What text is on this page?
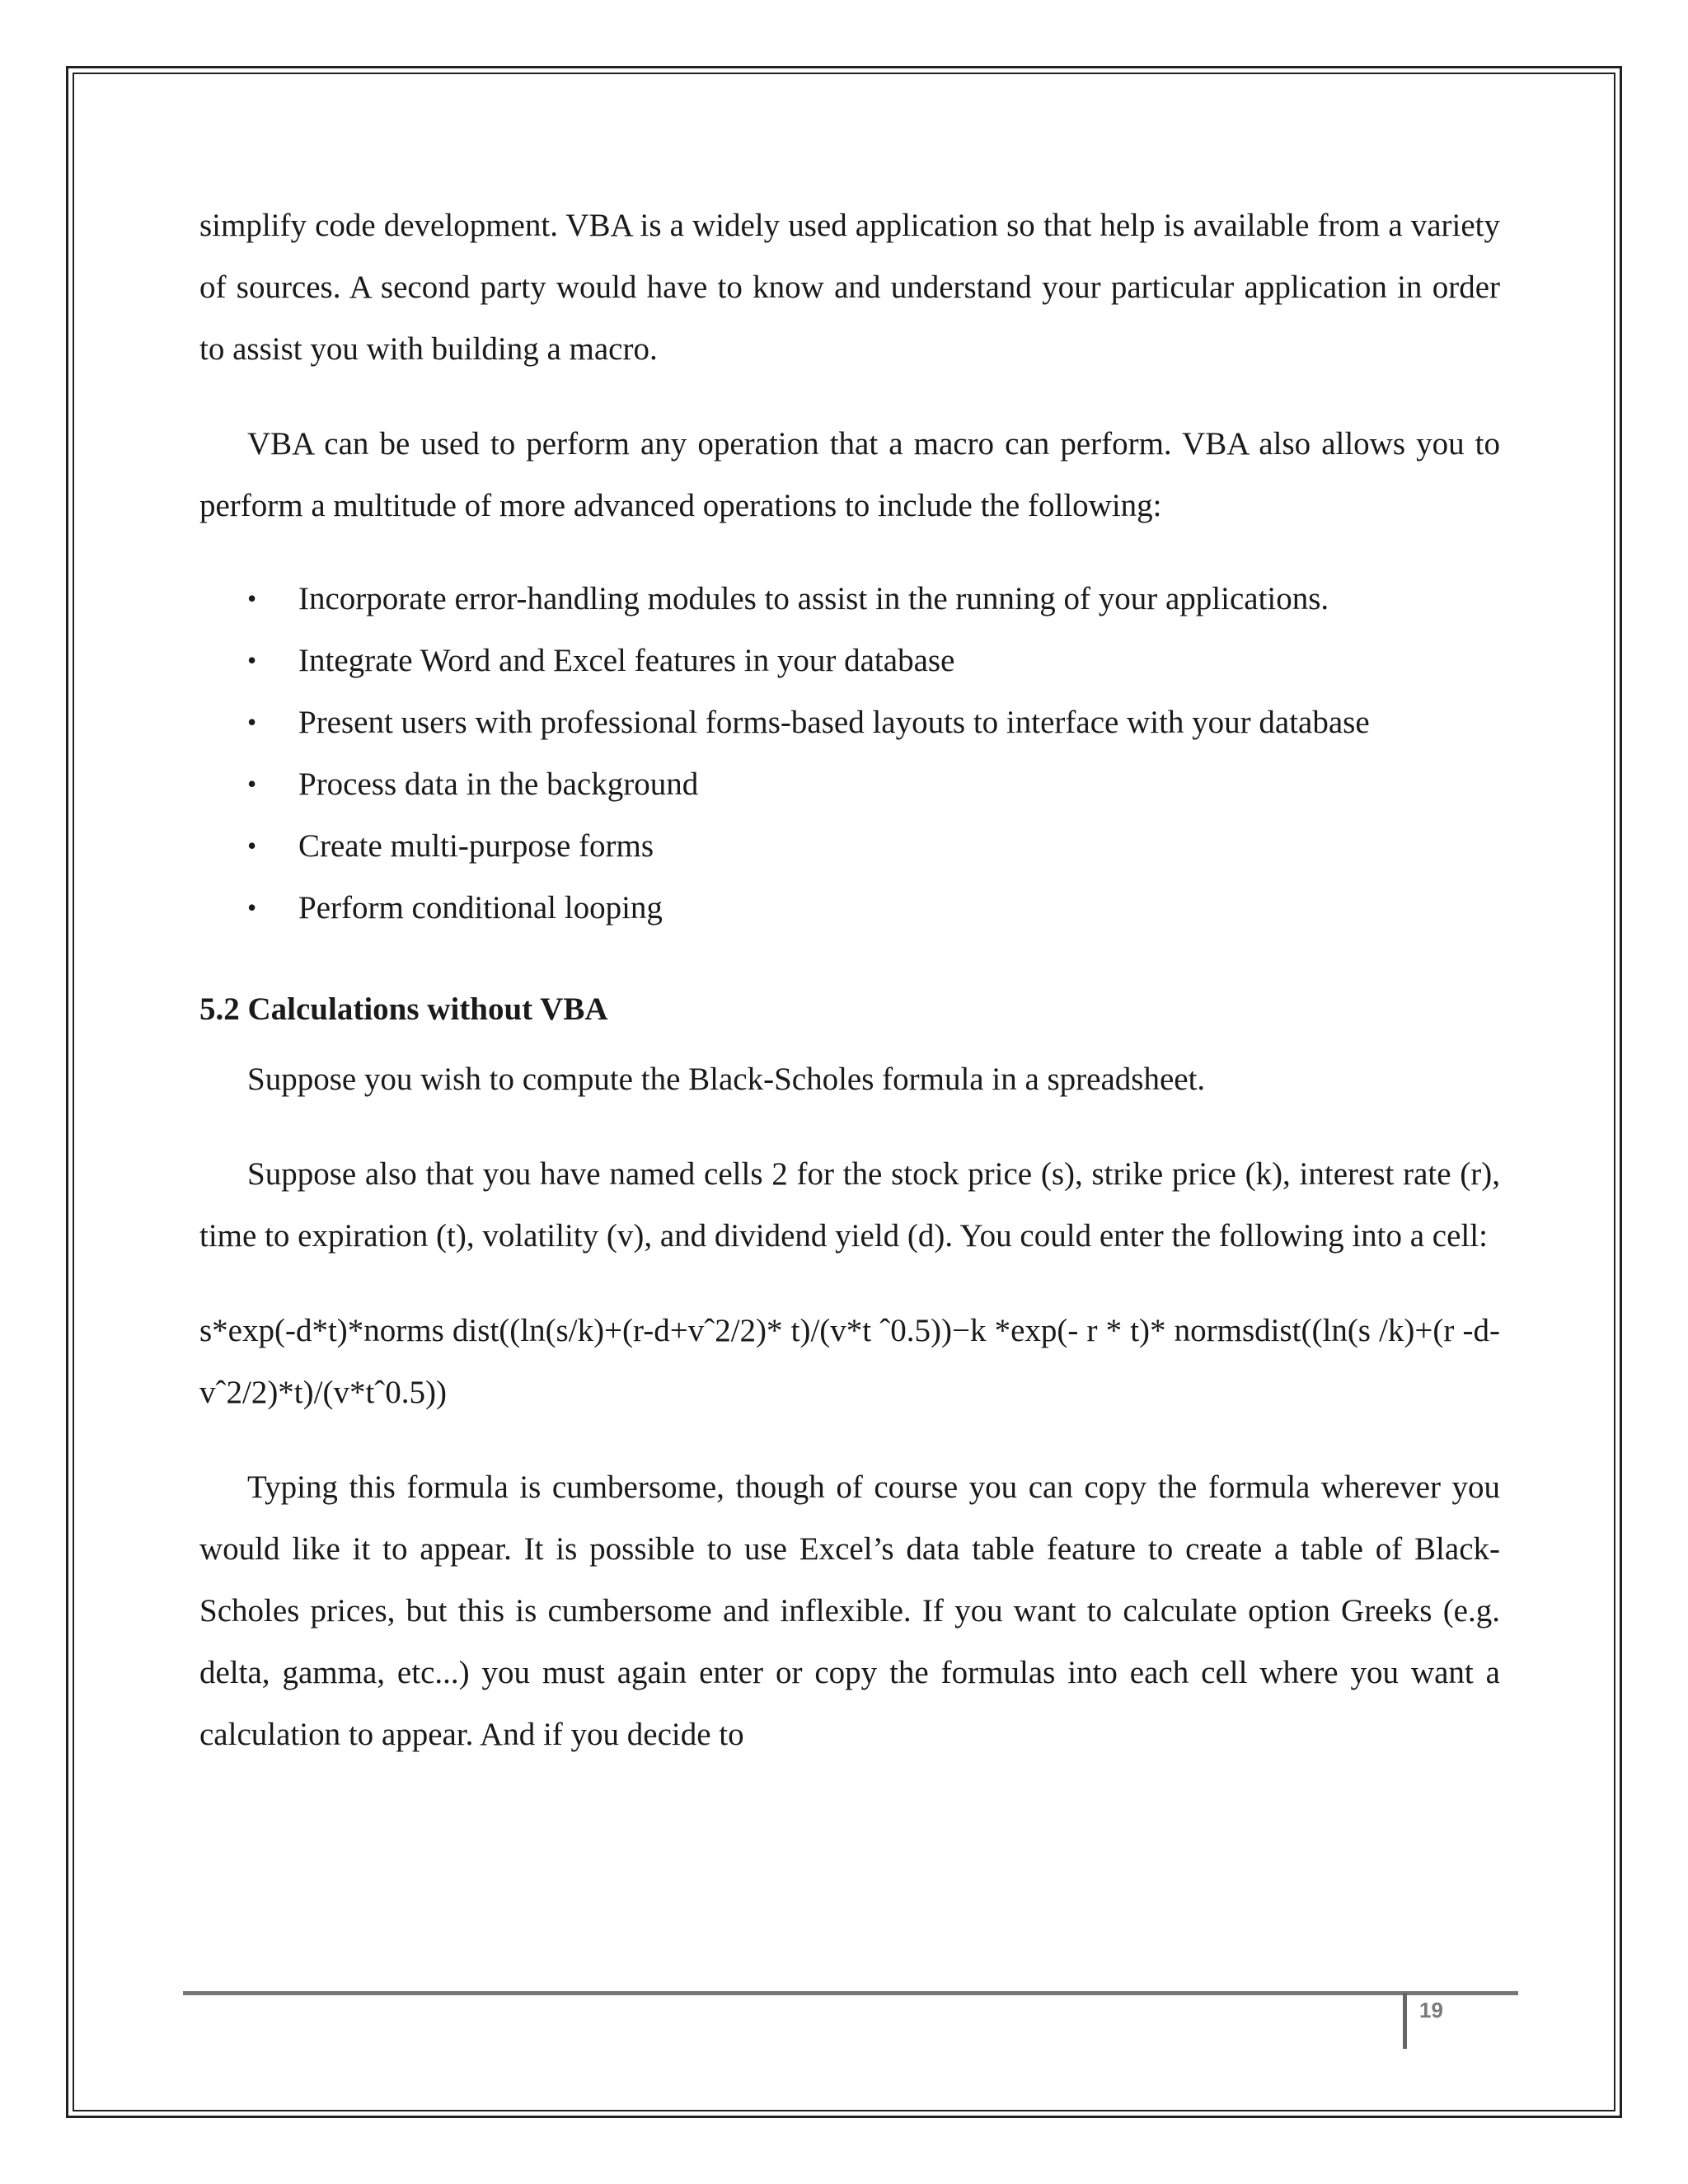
simplify code development. VBA is a widely used application so that help is available from a variety of sources. A second party would have to know and understand your particular application in order to assist you with building a macro.

VBA can be used to perform any operation that a macro can perform. VBA also allows you to perform a multitude of more advanced operations to include the following:

• Incorporate error-handling modules to assist in the running of your applications.
• Integrate Word and Excel features in your database
• Present users with professional forms-based layouts to interface with your database
• Process data in the background
• Create multi-purpose forms
• Perform conditional looping

5.2 Calculations without VBA

Suppose you wish to compute the Black-Scholes formula in a spreadsheet.

Suppose also that you have named cells 2 for the stock price (s), strike price (k), interest rate (r), time to expiration (t), volatility (v), and dividend yield (d). You could enter the following into a cell:

s*exp(-d*t)*norms dist((ln(s/k)+(r-d+vˆ2/2)* t)/(v*t ˆ0.5))−k *exp(- r * t)* normsdist((ln(s /k)+(r -d-vˆ2/2)*t)/(v*tˆ0.5))

Typing this formula is cumbersome, though of course you can copy the formula wherever you would like it to appear. It is possible to use Excel’s data table feature to create a table of Black-Scholes prices, but this is cumbersome and inflexible. If you want to calculate option Greeks (e.g. delta, gamma, etc...) you must again enter or copy the formulas into each cell where you want a calculation to appear. And if you decide to

19
